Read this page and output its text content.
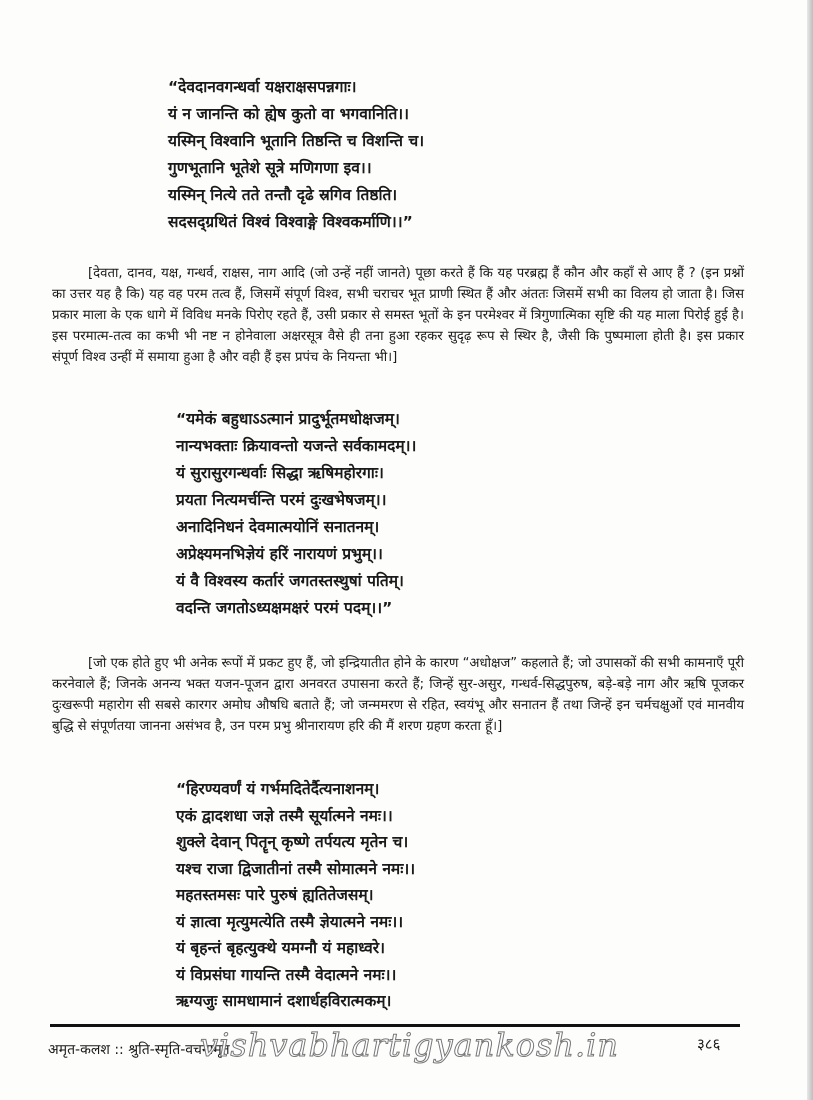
“देवदानवगन्धर्वा यक्षराक्षसपन्नगाः।
यं न जानन्ति को ह्येष कुतो वा भगवानिति।।
यस्मिन् विश्वानि भूतानि तिष्ठन्ति च विशन्ति च।
गुणभूतानि भूतेशे सूत्रे मणिगणा इव।।
यस्मिन् नित्ये तते तन्तौ दृढे स्रगिव तिष्ठति।
सदसद्ग्रथितं विश्वं विश्वाङ्गे विश्वकर्माणि।।”
[देवता, दानव, यक्ष, गन्धर्व, राक्षस, नाग आदि (जो उन्हें नहीं जानते) पूछा करते हैं कि यह परब्रह्म हैं कौन और कहाँ से आए हैं ? (इन प्रश्नों का उत्तर यह है कि) यह वह परम तत्व हैं, जिसमें संपूर्ण विश्व, सभी चराचर भूत प्राणी स्थित हैं और अंततः जिसमें सभी का विलय हो जाता है। जिस प्रकार माला के एक धागे में विविध मनके पिरोए रहते हैं, उसी प्रकार से समस्त भूतों के इन परमेश्वर में त्रिगुणात्मिका सृष्टि की यह माला पिरोई हुई है। इस परमात्म-तत्व का कभी भी नष्ट न होनेवाला अक्षरसूत्र वैसे ही तना हुआ रहकर सुदृढ़ रूप से स्थिर है, जैसी कि पुष्पमाला होती है। इस प्रकार संपूर्ण विश्व उन्हीं में समाया हुआ है और वही हैं इस प्रपंच के नियन्ता भी।]
“यमेकं बहुधाऽऽत्मानं प्रादुर्भूतमधोक्षजम्।
नान्यभक्ताः क्रियावन्तो यजन्ते सर्वकामदम्।।
यं सुरासुरगन्धर्वाः सिद्धा ऋषिमहोरगाः।
प्रयता नित्यमर्चन्ति परमं दुःखभेषजम्।।
अनादिनिधनं देवमात्मयोनिं सनातनम्।
अप्रेक्ष्यमनभिज्ञेयं हरिं नारायणं प्रभुम्।।
यं वै विश्वस्य कर्तारं जगतस्तस्थुषां पतिम्।
वदन्ति जगतोऽध्यक्षमक्षरं परमं पदम्।।”
[जो एक होते हुए भी अनेक रूपों में प्रकट हुए हैं, जो इन्द्रियातीत होने के कारण “अधोक्षज” कहलाते हैं; जो उपासकों की सभी कामनाएँ पूरी करनेवाले हैं; जिनके अनन्य भक्त यजन-पूजन द्वारा अनवरत उपासना करते हैं; जिन्हें सुर-असुर, गन्धर्व-सिद्धपुरुष, बड़े-बड़े नाग और ऋषि पूजकर दुःखरूपी महारोग सी सबसे कारगर अमोघ औषधि बताते हैं; जो जन्ममरण से रहित, स्वयंभू और सनातन हैं तथा जिन्हें इन चर्मचक्षुओं एवं मानवीय बुद्धि से संपूर्णतया जानना असंभव है, उन परम प्रभु श्रीनारायण हरि की मैं शरण ग्रहण करता हूँ।]
“हिरण्यवर्णं यं गर्भमदितेर्दैत्यनाशनम्।
एकं द्वादशधा जज्ञे तस्मै सूर्यात्मने नमः।।
शुक्ले देवान् पितॄन् कृष्णे तर्पयत्य मृतेन च।
यश्च राजा द्विजातीनां तस्मै सोमात्मने नमः।।
महतस्तमसः पारे पुरुषं ह्यतितेजसम्।
यं ज्ञात्वा मृत्युमत्येति तस्मै ज्ञेयात्मने नमः।।
यं बृहन्तं बृहत्युक्थे यमग्नौ यं महाध्वरे।
यं विप्रसंघा गायन्ति तस्मै वेदात्मने नमः।।
ऋग्यजुः सामधामानं दशार्धहविरात्मकम्।
अमृत-कलश :: श्रुति-स्मृति-वचनामृत
vishvabhartigyankosh.in	३८६
